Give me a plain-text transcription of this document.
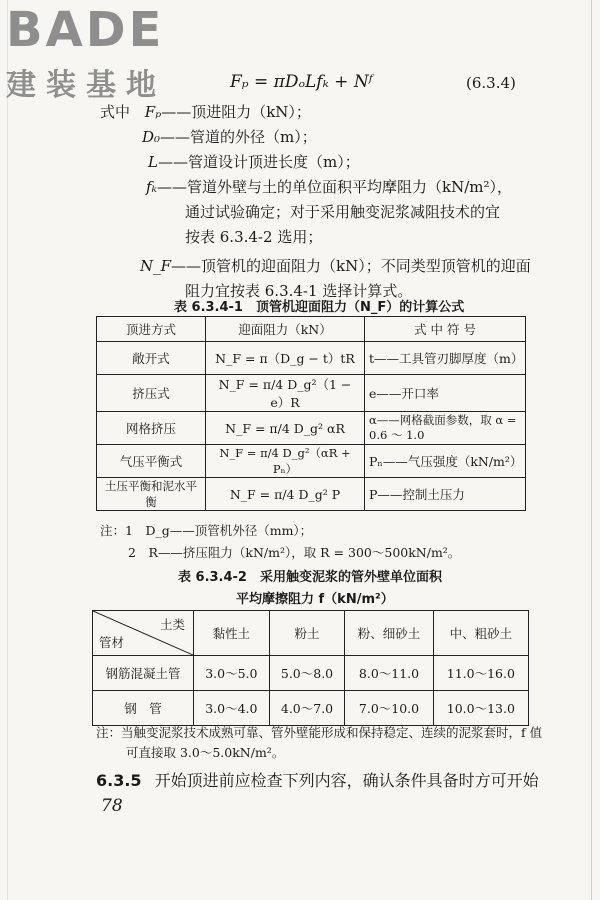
BADE
建装基地	Fₚ = πDₒLfₖ + Nᶠ	(6.3.4)
式中 Fₚ——顶进阻力（kN）；
D₀——管道的外径（m）；
L——管道设计顶进长度（m）；
fₖ——管道外壁与土的单位面积平均摩阻力（kN/m²），
通过试验确定；对于采用触变泥浆减阻技术的宜
按表 6.3.4-2 选用；
N_F——顶管机的迎面阻力（kN）；不同类型顶管机的迎面
阻力宜按表 6.3.4-1 选择计算式。
表 6.3.4-1　顶管机迎面阻力（N_F）的计算公式
顶进方式	迎面阻力（kN）	式 中 符 号
敞开式	N_F = π（D_g − t）tR	t——工具管刃脚厚度（m）
挤压式	N_F = π/4 D_g²（1 − e）R	e——开口率
网格挤压	N_F = π/4 D_g² αR	α——网格截面参数，取 α = 0.6 ～ 1.0
气压平衡式	N_F = π/4 D_g²（αR + Pₙ）	Pₙ——气压强度（kN/m²）
土压平衡和泥水平衡	N_F = π/4 D_g² P	P——控制土压力
注：1　D_g——顶管机外径（mm）；
2　R——挤压阻力（kN/m²），取 R = 300～500kN/m²。
表 6.3.4-2　采用触变泥浆的管外壁单位面积
平均摩擦阻力 f（kN/m²）
土类
管材	黏性土	粉土	粉、细砂土	中、粗砂土
钢筋混凝土管	3.0～5.0	5.0～8.0	8.0～11.0	11.0～16.0
钢　管	3.0～4.0	4.0～7.0	7.0～10.0	10.0～13.0
注：当触变泥浆技术成熟可靠、管外壁能形成和保持稳定、连续的泥浆套时，f 值
可直接取 3.0～5.0kN/m²。
6.3.5 开始顶进前应检查下列内容，确认条件具备时方可开始
78
